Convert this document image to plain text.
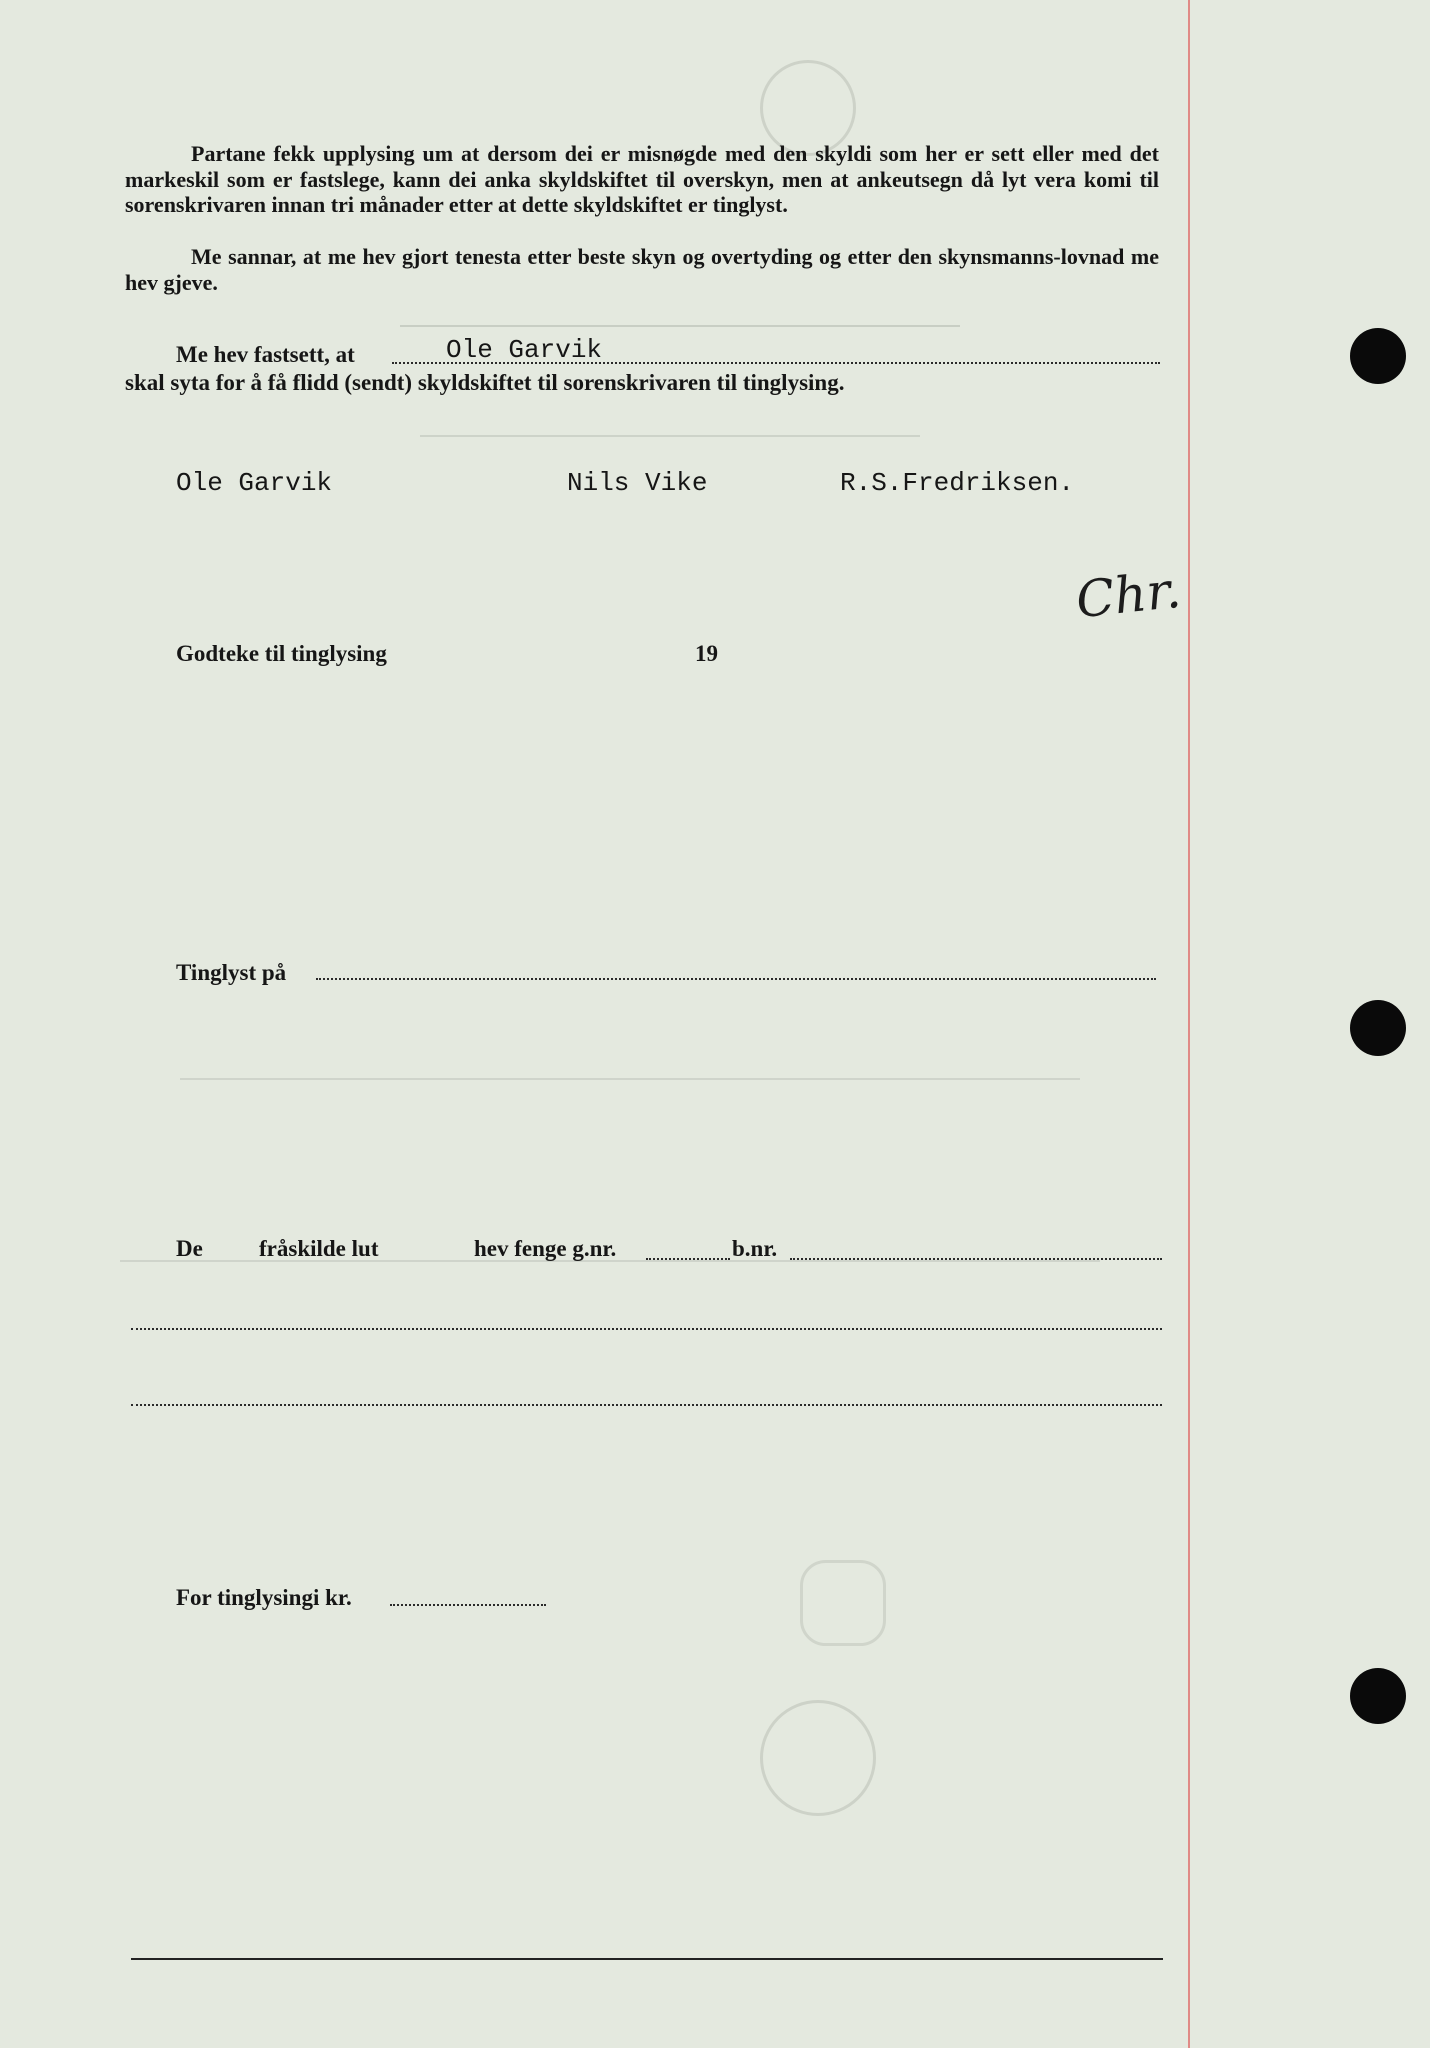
Partane fekk upplysing um at dersom dei er misnøgde med den skyldi som her er sett eller med det markeskil som er fastslege, kann dei anka skyldskiftet til overskyn, men at ankeutsegn då lyt vera komi til sorenskrivaren innan tri månader etter at dette skyldskiftet er tinglyst.

Me sannar, at me hev gjort tenesta etter beste skyn og overtyding og etter den skynsmanns-lovnad me hev gjeve.

Me hev fastsett, at	Ole Garvik
skal syta for å få flidd (sendt) skyldskiftet til sorenskrivaren til tinglysing.
Ole Garvik	Nils Vike	R.S.Fredriksen.
Chr.
Godteke til tinglysing	19
Tinglyst på
De fråskilde lut	hev fenge g.nr.	b.nr.
For tinglysingi kr.
